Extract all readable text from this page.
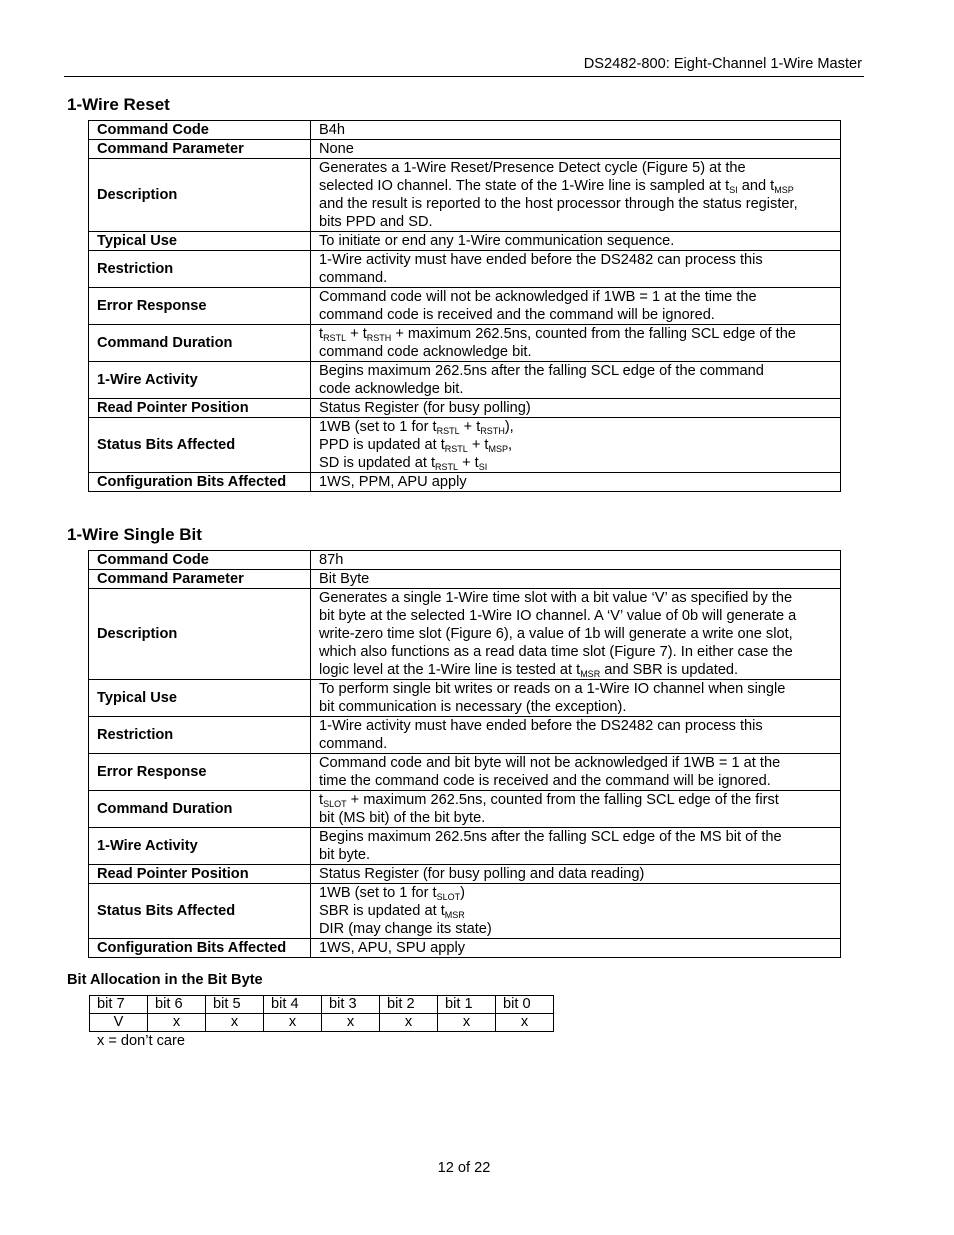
DS2482-800: Eight-Channel 1-Wire Master
1-Wire Reset
Command Code	B4h
Command Parameter	None
Description	Generates a 1-Wire Reset/Presence Detect cycle (Figure 5) at the
selected IO channel. The state of the 1-Wire line is sampled at $t_{SI}$ and $t_{MSP}$
and the result is reported to the host processor through the status register,
bits PPD and SD.

Typical Use	To initiate or end any 1-Wire communication sequence.
Restriction	1-Wire activity must have ended before the DS2482 can process this
command.

Error Response	Command code will not be acknowledged if 1WB = 1 at the time the
command code is received and the command will be ignored.

Command Duration	$t_{RSTL} + t_{RSTH}$ + maximum 262.5ns, counted from the falling SCL edge of the
command code acknowledge bit.

1-Wire Activity	Begins maximum 262.5ns after the falling SCL edge of the command
code acknowledge bit.

Read Pointer Position	Status Register (for busy polling)
Status Bits Affected	1WB (set to 1 for $t_{RSTL} + t_{RSTH}$),
PPD is updated at $t_{RSTL} + t_{MSP}$,
SD is updated at $t_{RSTL} + t_{SI}$

Configuration Bits Affected	1WS, PPM, APU apply
1-Wire Single Bit
Command Code	87h
Command Parameter	Bit Byte
Description	Generates a single 1-Wire time slot with a bit value ‘V’ as specified by the
bit byte at the selected 1-Wire IO channel. A ‘V’ value of 0b will generate a
write-zero time slot (Figure 6), a value of 1b will generate a write one slot,
which also functions as a read data time slot (Figure 7). In either case the
logic level at the 1-Wire line is tested at $t_{MSR}$ and SBR is updated.

Typical Use	To perform single bit writes or reads on a 1-Wire IO channel when single
bit communication is necessary (the exception).

Restriction	1-Wire activity must have ended before the DS2482 can process this
command.

Error Response	Command code and bit byte will not be acknowledged if 1WB = 1 at the
time the command code is received and the command will be ignored.

Command Duration	$t_{SLOT}$ + maximum 262.5ns, counted from the falling SCL edge of the first
bit (MS bit) of the bit byte.

1-Wire Activity	Begins maximum 262.5ns after the falling SCL edge of the MS bit of the
bit byte.

Read Pointer Position	Status Register (for busy polling and data reading)
Status Bits Affected	1WB (set to 1 for $t_{SLOT}$)
SBR is updated at $t_{MSR}$
DIR (may change its state)

Configuration Bits Affected	1WS, APU, SPU apply
Bit Allocation in the Bit Byte
bit 7	bit 6	bit 5	bit 4	bit 3	bit 2	bit 1	bit 0
V	x	x	x	x	x	x	x
x = don’t care
12 of 22
